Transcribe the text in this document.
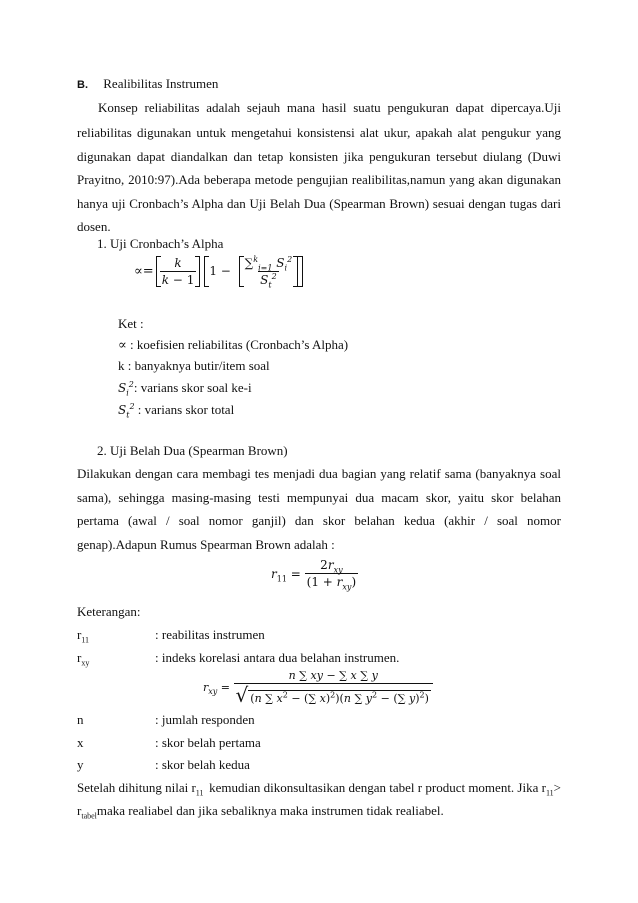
B. Realibilitas Instrumen
Konsep reliabilitas adalah sejauh mana hasil suatu pengukuran dapat dipercaya.Uji
reliabilitas digunakan untuk mengetahui konsistensi alat ukur, apakah alat pengukur yang
digunakan dapat diandalkan dan tetap konsisten jika pengukuran tersebut diulang (Duwi
Prayitno, 2010:97).Ada beberapa metode pengujian realibilitas,namun yang akan digunakan
hanya uji Cronbach’s Alpha dan Uji Belah Dua (Spearman Brown) sesuai dengan tugas dari
dosen.
1. Uji Cronbach’s Alpha
∝= $\frac{k}{k - 1}$	$1 - \frac{\sum^k_{i=1} S_i^2}{S_t^2}$
Ket :
∝ : koefisien reliabilitas (Cronbach’s Alpha)
k : banyaknya butir/item soal
$S_i^2$: varians skor soal ke-i
$S_t^2$ : varians skor total
2. Uji Belah Dua (Spearman Brown)
Dilakukan dengan cara membagi tes menjadi dua bagian yang relatif sama (banyaknya soal
sama), sehingga masing-masing testi mempunyai dua macam skor, yaitu skor belahan
pertama (awal / soal nomor ganjil) dan skor belahan kedua (akhir / soal nomor
genap).Adapun Rumus Spearman Brown adalah :
$r_{11} = \frac{2r_{xy}}{(1 + r_{xy})}$
Keterangan:
$r_{11}$	: reabilitas instrumen
$r_{xy}$	: indeks korelasi antara dua belahan instrumen.
$r_{xy} = \frac{n \sum xy - \sum x \sum y}{√ (n \sum x^2 - (\sum x)^2)(n \sum y^2 - (\sum y)^2)}$
n	: jumlah responden
x	: skor belah pertama
y	: skor belah kedua
Setelah dihitung nilai $r_{11}$ kemudian dikonsultasikan dengan tabel r product moment. Jika $r_{11}>$
$r_{tabel}maka$ realiabel dan jika sebaliknya maka instrumen tidak realiabel.
